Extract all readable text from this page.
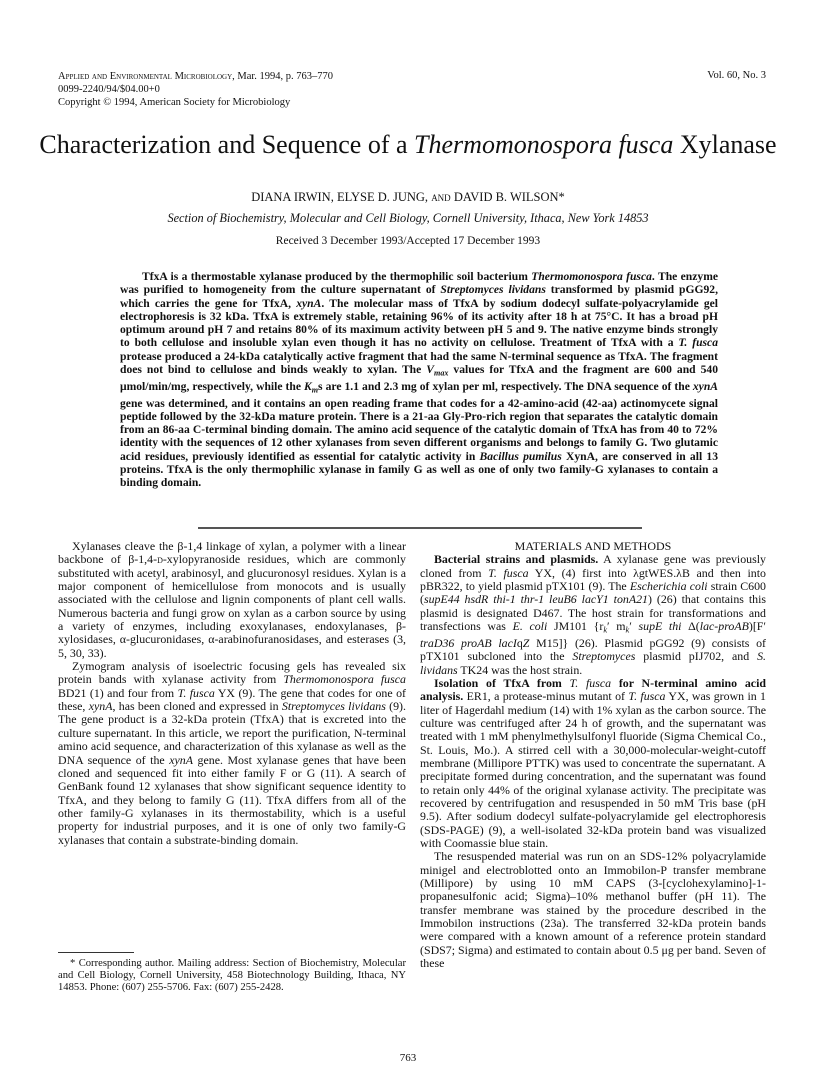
Applied and Environmental Microbiology, Mar. 1994, p. 763–770
0099-2240/94/$04.00+0
Copyright © 1994, American Society for Microbiology
Vol. 60, No. 3
Characterization and Sequence of a Thermomonospora fusca Xylanase
DIANA IRWIN, ELYSE D. JUNG, and DAVID B. WILSON*
Section of Biochemistry, Molecular and Cell Biology, Cornell University, Ithaca, New York 14853
Received 3 December 1993/Accepted 17 December 1993
TfxA is a thermostable xylanase produced by the thermophilic soil bacterium Thermomonospora fusca. The enzyme was purified to homogeneity from the culture supernatant of Streptomyces lividans transformed by plasmid pGG92, which carries the gene for TfxA, xynA. The molecular mass of TfxA by sodium dodecyl sulfate-polyacrylamide gel electrophoresis is 32 kDa. TfxA is extremely stable, retaining 96% of its activity after 18 h at 75°C. It has a broad pH optimum around pH 7 and retains 80% of its maximum activity between pH 5 and 9. The native enzyme binds strongly to both cellulose and insoluble xylan even though it has no activity on cellulose. Treatment of TfxA with a T. fusca protease produced a 24-kDa catalytically active fragment that had the same N-terminal sequence as TfxA. The fragment does not bind to cellulose and binds weakly to xylan. The $V_{max}$ values for TfxA and the fragment are 600 and 540 μmol/min/mg, respectively, while the $K_ms$ are 1.1 and 2.3 mg of xylan per ml, respectively. The DNA sequence of the xynA gene was determined, and it contains an open reading frame that codes for a 42-amino-acid (42-aa) actinomycete signal peptide followed by the 32-kDa mature protein. There is a 21-aa Gly-Pro-rich region that separates the catalytic domain from an 86-aa C-terminal binding domain. The amino acid sequence of the catalytic domain of TfxA has from 40 to 72% identity with the sequences of 12 other xylanases from seven different organisms and belongs to family G. Two glutamic acid residues, previously identified as essential for catalytic activity in Bacillus pumilus XynA, are conserved in all 13 proteins. TfxA is the only thermophilic xylanase in family G as well as one of only two family-G xylanases to contain a binding domain.

Xylanases cleave the β-1,4 linkage of xylan, a polymer with a linear backbone of β-1,4-d-xylopyranoside residues, which are commonly substituted with acetyl, arabinosyl, and glucuronosyl residues. Xylan is a major component of hemicellulose from monocots and is usually associated with the cellulose and lignin components of plant cell walls. Numerous bacteria and fungi grow on xylan as a carbon source by using a variety of enzymes, including exoxylanases, endoxylanases, β-xylosidases, α-glucuronidases, α-arabinofuranosidases, and esterases (3, 5, 30, 33).

Zymogram analysis of isoelectric focusing gels has revealed six protein bands with xylanase activity from Thermomonospora fusca BD21 (1) and four from T. fusca YX (9). The gene that codes for one of these, xynA, has been cloned and expressed in Streptomyces lividans (9). The gene product is a 32-kDa protein (TfxA) that is excreted into the culture supernatant. In this article, we report the purification, N-terminal amino acid sequence, and characterization of this xylanase as well as the DNA sequence of the xynA gene. Most xylanase genes that have been cloned and sequenced fit into either family F or G (11). A search of GenBank found 12 xylanases that show significant sequence identity to TfxA, and they belong to family G (11). TfxA differs from all of the other family-G xylanases in its thermostability, which is a useful property for industrial purposes, and it is one of only two family-G xylanases that contain a substrate-binding domain.

* Corresponding author. Mailing address: Section of Biochemistry, Molecular and Cell Biology, Cornell University, 458 Biotechnology Building, Ithaca, NY 14853. Phone: (607) 255-5706. Fax: (607) 255-2428.

MATERIALS AND METHODS

Bacterial strains and plasmids. A xylanase gene was previously cloned from T. fusca YX, (4) first into λgtWES.λB and then into pBR322, to yield plasmid pTX101 (9). The Escherichia coli strain C600 (supE44 hsdR thi-1 thr-1 leuB6 lacY1 tonA21) (26) that contains this plasmid is designated D467. The host strain for transformations and transfections was E. coli JM101 {$r_k'$ $m_k'$ supE thi Δ(lac-proAB)[F′ traD36 proAB lacIqZ M15]} (26). Plasmid pGG92 (9) consists of pTX101 subcloned into the Streptomyces plasmid pIJ702, and S. lividans TK24 was the host strain.

Isolation of TfxA from T. fusca for N-terminal amino acid analysis. ER1, a protease-minus mutant of T. fusca YX, was grown in 1 liter of Hagerdahl medium (14) with 1% xylan as the carbon source. The culture was centrifuged after 24 h of growth, and the supernatant was treated with 1 mM phenylmethylsulfonyl fluoride (Sigma Chemical Co., St. Louis, Mo.). A stirred cell with a 30,000-molecular-weight-cutoff membrane (Millipore PTTK) was used to concentrate the supernatant. A precipitate formed during concentration, and the supernatant was found to retain only 44% of the original xylanase activity. The precipitate was recovered by centrifugation and resuspended in 50 mM Tris base (pH 9.5). After sodium dodecyl sulfate-polyacrylamide gel electrophoresis (SDS-PAGE) (9), a well-isolated 32-kDa protein band was visualized with Coomassie blue stain.

The resuspended material was run on an SDS-12% polyacrylamide minigel and electroblotted onto an Immobilon-P transfer membrane (Millipore) by using 10 mM CAPS (3-[cyclohexylamino]-1-propanesulfonic acid; Sigma)–10% methanol buffer (pH 11). The transfer membrane was stained by the procedure described in the Immobilon instructions (23a). The transferred 32-kDa protein bands were compared with a known amount of a reference protein standard (SDS7; Sigma) and estimated to contain about 0.5 μg per band. Seven of these

763
